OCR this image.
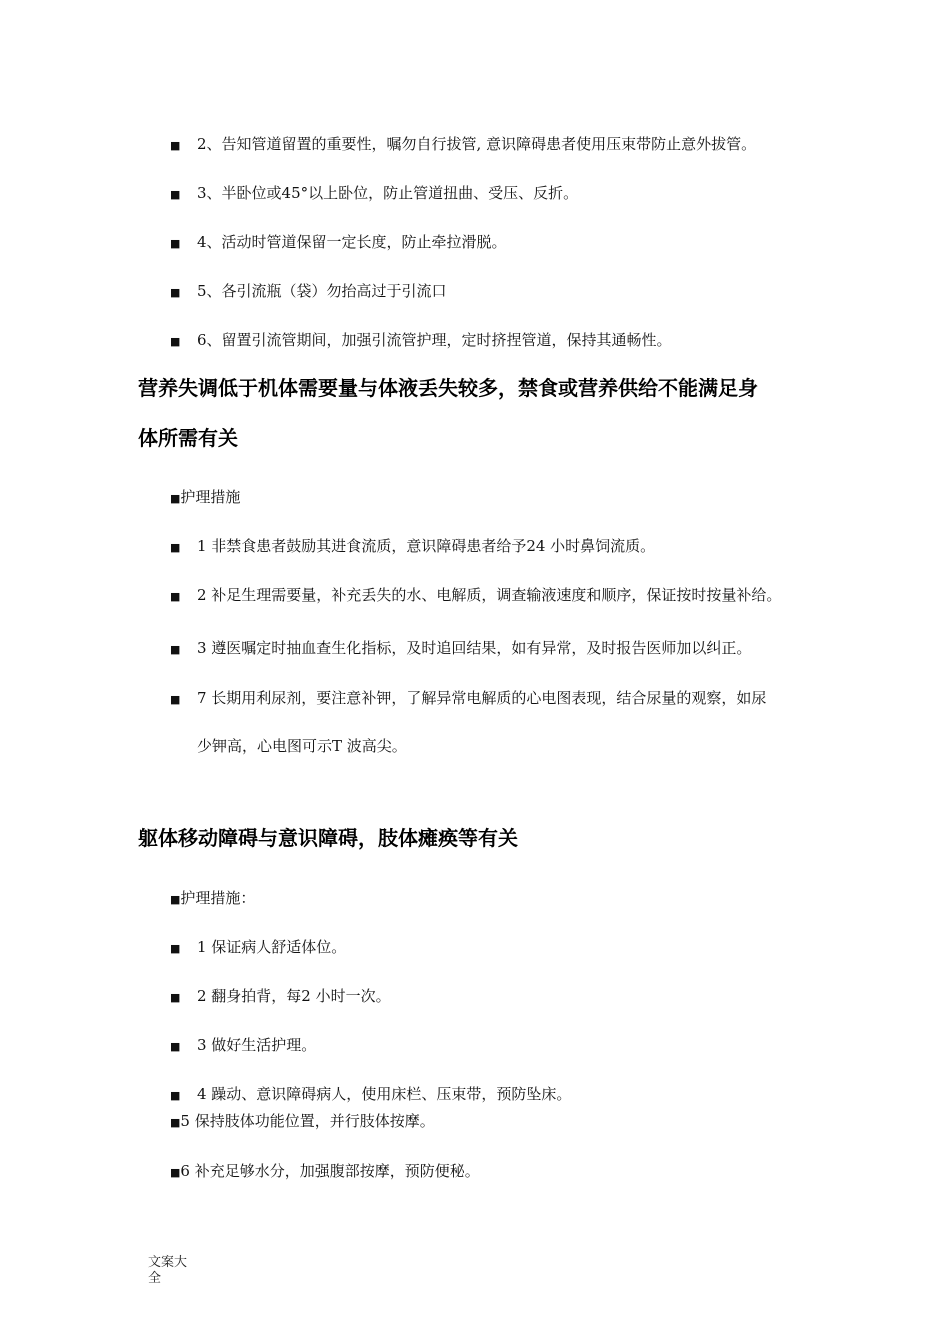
■ 2、告知管道留置的重要性，嘱勿自行拔管, 意识障碍患者使用压束带防止意外拔管。
■ 3、半卧位或45°以上卧位，防止管道扭曲、受压、反折。
■ 4、活动时管道保留一定长度，防止牵拉滑脱。
■ 5、各引流瓶（袋）勿抬高过于引流口
■ 6、留置引流管期间，加强引流管护理，定时挤捏管道，保持其通畅性。
营养失调低于机体需要量与体液丢失较多，禁食或营养供给不能满足身
体所需有关
■护理措施
■ 1 非禁食患者鼓励其进食流质，意识障碍患者给予24 小时鼻饲流质。
■ 2 补足生理需要量，补充丢失的水、电解质，调查输液速度和顺序，保证按时按量补给。
■ 3 遵医嘱定时抽血查生化指标，及时追回结果，如有异常，及时报告医师加以纠正。
■ 7 长期用利尿剂，要注意补钾，了解异常电解质的心电图表现，结合尿量的观察，如尿
少钾高，心电图可示T 波高尖。
躯体移动障碍与意识障碍，肢体瘫痪等有关
■护理措施：
■ 1 保证病人舒适体位。
■ 2 翻身拍背，每2 小时一次。
■ 3 做好生活护理。
■ 4 躁动、意识障碍病人，使用床栏、压束带，预防坠床。
■5 保持肢体功能位置，并行肢体按摩。
■6 补充足够水分，加强腹部按摩，预防便秘。
文案大全
